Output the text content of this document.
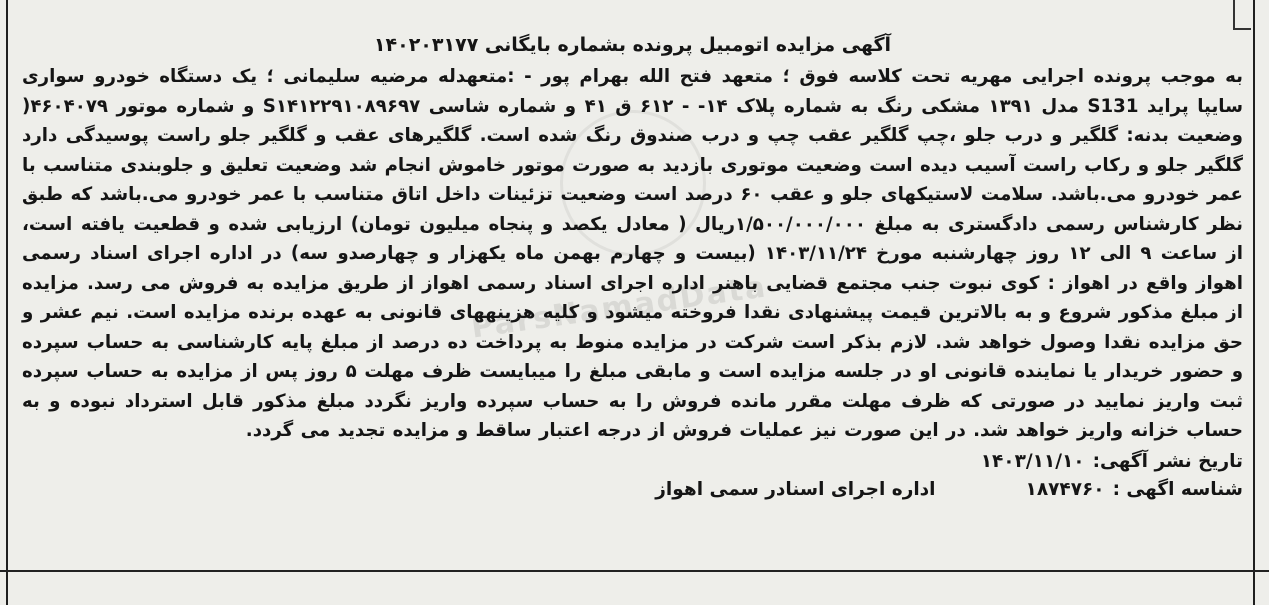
ParsNamadData
آگهی مزایده اتومبیل پرونده بشماره بایگانی ۱۴۰۲۰۳۱۷۷
به موجب پرونده اجرایی مهریه تحت کلاسه فوق ؛ متعهد فتح الله بهرام پور - :متعهدله مرضیه سلیمانی ؛ یک دستگاه خودرو سواری سایپا پراید S131 مدل ۱۳۹۱ مشکی رنگ به شماره پلاک ۱۴- - ۶۱۲ ق ۴۱ و شماره شاسی S۱۴۱۲۲۹۱۰۸۹۶۹۷ و شماره موتور ۴۶۰۴۰۷۹( وضعیت بدنه: گلگیر و درب جلو ،چپ گلگیر عقب چپ و درب صندوق رنگ شده است. گلگیرهای عقب و گلگیر جلو راست پوسیدگی دارد گلگیر جلو و رکاب راست آسیب دیده است وضعیت موتوری بازدید به صورت موتور خاموش انجام شد وضعیت تعلیق و جلوبندی متناسب با عمر خودرو می.باشد. سلامت لاستیکهای جلو و عقب ۶۰ درصد است وضعیت تزئینات داخل اتاق متناسب با عمر خودرو می.باشد که طبق نظر کارشناس رسمی دادگستری به مبلغ ۱/۵۰۰/۰۰۰/۰۰۰ریال ( معادل یکصد و پنجاه میلیون تومان) ارزیابی شده و قطعیت یافته است، از ساعت ۹ الی ۱۲ روز چهارشنبه مورخ ۱۴۰۳/۱۱/۲۴ (بیست و چهارم بهمن ماه یکهزار و چهارصدو سه) در اداره اجرای اسناد رسمی اهواز واقع در اهواز : کوی نبوت جنب مجتمع قضایی باهنر اداره اجرای اسناد رسمی اهواز از طریق مزایده به فروش می رسد. مزایده از مبلغ مذکور شروع و به بالاترین قیمت پیشنهادی نقدا فروخته میشود و کلیه هزینههای قانونی به عهده برنده مزایده است. نیم عشر و حق مزایده نقدا وصول خواهد شد. لازم بذکر است شرکت در مزایده منوط به پرداخت ده درصد از مبلغ پایه کارشناسی به حساب سپرده و حضور خریدار یا نماینده قانونی او در جلسه مزایده است و مابقی مبلغ را میبایست ظرف مهلت ۵ روز پس از مزایده به حساب سپرده ثبت واریز نمایید در صورتی که ظرف مهلت مقرر مانده فروش را به حساب سپرده واریز نگردد مبلغ مذکور قابل استرداد نبوده و به حساب خزانه واریز خواهد شد. در این صورت نیز عملیات فروش از درجه اعتبار ساقط و مزایده تجدید می گردد.
تاریخ نشر آگهی:
۱۴۰۳/۱۱/۱۰
شناسه اگهی :
۱۸۷۴۷۶۰
اداره اجرای اسنادر سمی اهواز
